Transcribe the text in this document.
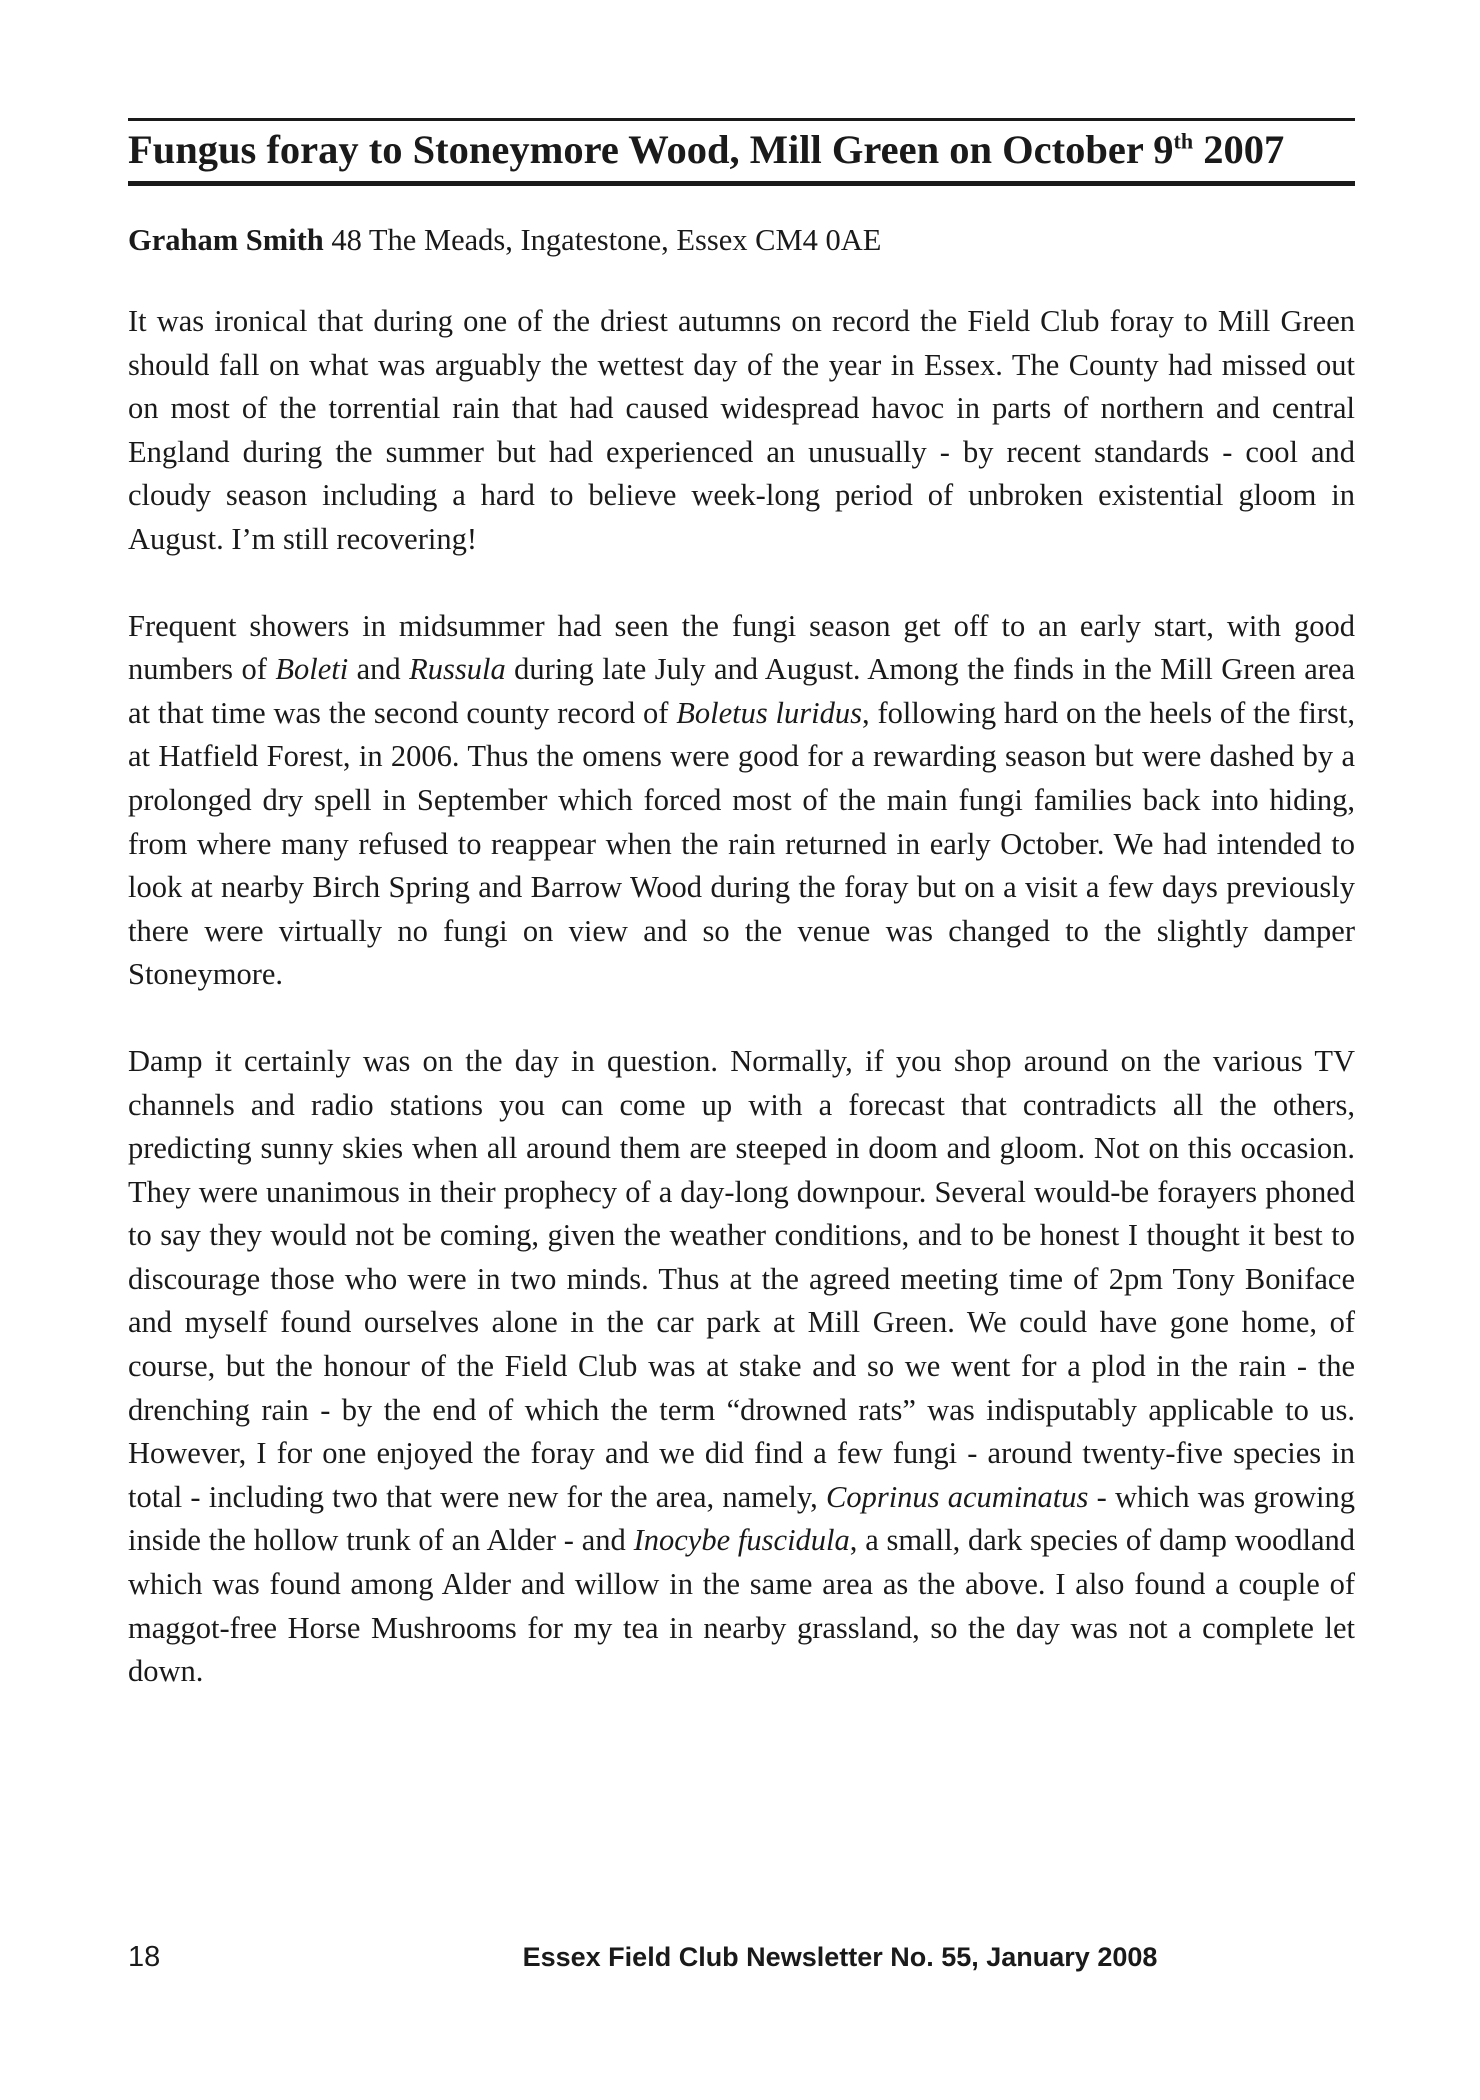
Fungus foray to Stoneymore Wood, Mill Green on October 9th 2007
Graham Smith 48 The Meads, Ingatestone, Essex CM4 0AE

It was ironical that during one of the driest autumns on record the Field Club foray to Mill Green should fall on what was arguably the wettest day of the year in Essex. The County had missed out on most of the torrential rain that had caused widespread havoc in parts of northern and central England during the summer but had experienced an unusually - by recent standards - cool and cloudy season including a hard to believe week-long period of unbroken existential gloom in August. I’m still recovering!

Frequent showers in midsummer had seen the fungi season get off to an early start, with good numbers of Boleti and Russula during late July and August. Among the finds in the Mill Green area at that time was the second county record of Boletus luridus, following hard on the heels of the first, at Hatfield Forest, in 2006. Thus the omens were good for a rewarding season but were dashed by a prolonged dry spell in September which forced most of the main fungi families back into hiding, from where many refused to reappear when the rain returned in early October. We had intended to look at nearby Birch Spring and Barrow Wood during the foray but on a visit a few days previously there were virtually no fungi on view and so the venue was changed to the slightly damper Stoneymore.

Damp it certainly was on the day in question. Normally, if you shop around on the various TV channels and radio stations you can come up with a forecast that contradicts all the others, predicting sunny skies when all around them are steeped in doom and gloom. Not on this occasion. They were unanimous in their prophecy of a day-long downpour. Several would-be forayers phoned to say they would not be coming, given the weather conditions, and to be honest I thought it best to discourage those who were in two minds. Thus at the agreed meeting time of 2pm Tony Boniface and myself found ourselves alone in the car park at Mill Green. We could have gone home, of course, but the honour of the Field Club was at stake and so we went for a plod in the rain - the drenching rain - by the end of which the term “drowned rats” was indisputably applicable to us. However, I for one enjoyed the foray and we did find a few fungi - around twenty-five species in total - including two that were new for the area, namely, Coprinus acuminatus - which was growing inside the hollow trunk of an Alder - and Inocybe fuscidula, a small, dark species of damp woodland which was found among Alder and willow in the same area as the above. I also found a couple of maggot-free Horse Mushrooms for my tea in nearby grassland, so the day was not a complete let down.

18	Essex Field Club Newsletter No. 55, January 2008
